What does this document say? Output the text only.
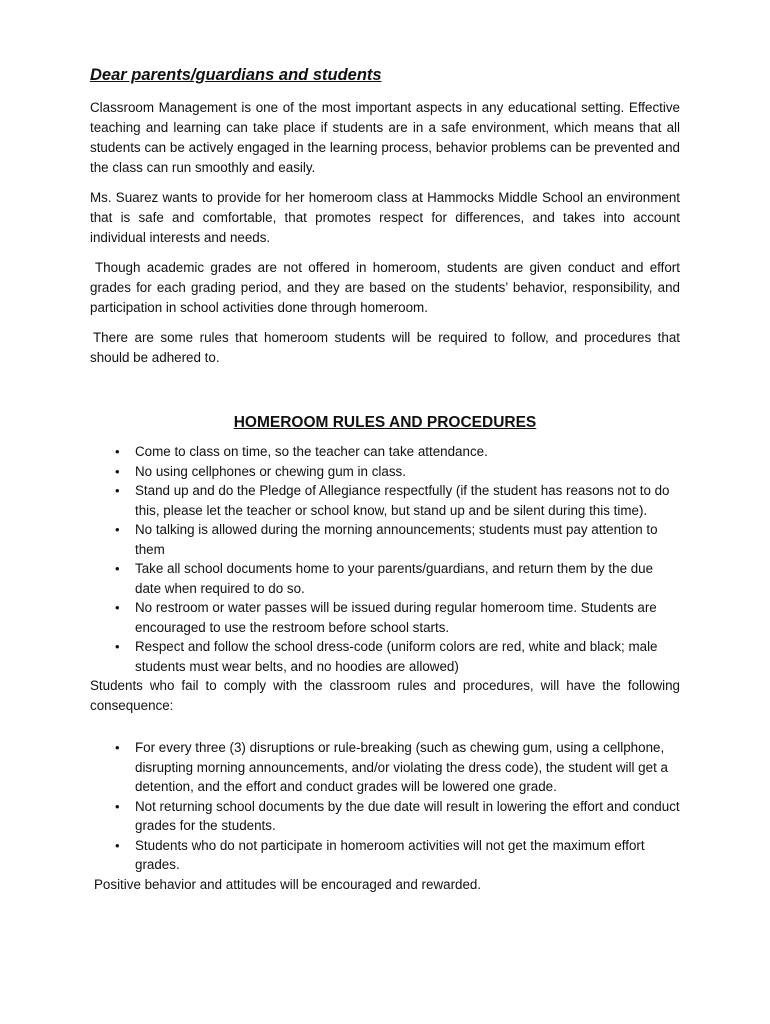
Dear parents/guardians and students

Classroom Management is one of the most important aspects in any educational setting. Effective teaching and learning can take place if students are in a safe environment, which means that all students can be actively engaged in the learning process, behavior problems can be prevented and the class can run smoothly and easily.

Ms. Suarez wants to provide for her homeroom class at Hammocks Middle School an environment that is safe and comfortable, that promotes respect for differences, and takes into account individual interests and needs.

Though academic grades are not offered in homeroom, students are given conduct and effort grades for each grading period, and they are based on the students’ behavior, responsibility, and participation in school activities done through homeroom.

There are some rules that homeroom students will be required to follow, and procedures that should be adhered to.

HOMEROOM RULES AND PROCEDURES
• Come to class on time, so the teacher can take attendance.
• No using cellphones or chewing gum in class.
• Stand up and do the Pledge of Allegiance respectfully (if the student has reasons not to do this, please let the teacher or school know, but stand up and be silent during this time).
• No talking is allowed during the morning announcements; students must pay attention to them
• Take all school documents home to your parents/guardians, and return them by the due date when required to do so.
• No restroom or water passes will be issued during regular homeroom time. Students are encouraged to use the restroom before school starts.
• Respect and follow the school dress-code (uniform colors are red, white and black; male students must wear belts, and no hoodies are allowed)

Students who fail to comply with the classroom rules and procedures, will have the following consequence:

• For every three (3) disruptions or rule-breaking (such as chewing gum, using a cellphone, disrupting morning announcements, and/or violating the dress code), the student will get a detention, and the effort and conduct grades will be lowered one grade.
• Not returning school documents by the due date will result in lowering the effort and conduct grades for the students.
• Students who do not participate in homeroom activities will not get the maximum effort grades.

Positive behavior and attitudes will be encouraged and rewarded.
